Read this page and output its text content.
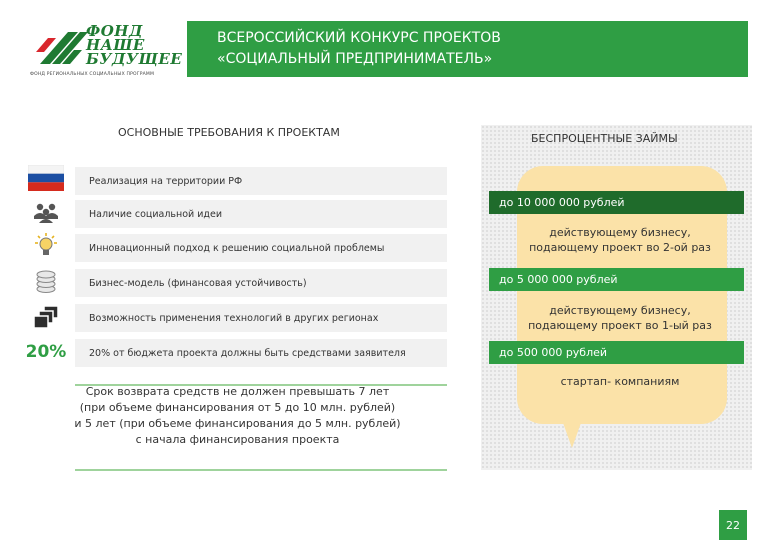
ФОНД
НАШЕ
БУДУЩЕЕ
ФОНД РЕГИОНАЛЬНЫХ СОЦИАЛЬНЫХ ПРОГРАММ
ВСЕРОССИЙСКИЙ КОНКУРС ПРОЕКТОВ
«СОЦИАЛЬНЫЙ ПРЕДПРИНИМАТЕЛЬ»
ОСНОВНЫЕ ТРЕБОВАНИЯ К ПРОЕКТАМ
Реализация на территории РФ
Наличие социальной идеи
Инновационный подход к решению социальной проблемы
Бизнес-модель (финансовая устойчивость)
Возможность применения технологий в других регионах
20% 20% от бюджета проекта должны быть средствами заявителя
Срок возврата средств не должен превышать 7 лет
(при объеме финансирования от 5 до 10 млн. рублей)
и 5 лет (при объеме финансирования до 5 млн. рублей)
с начала финансирования проекта
БЕСПРОЦЕНТНЫЕ ЗАЙМЫ
до 10 000 000 рублей
действующему бизнесу,
подающему проект во 2-ой раз
до 5 000 000 рублей
действующему бизнесу,
подающему проект во 1-ый раз
до 500 000 рублей
стартап- компаниям
22
